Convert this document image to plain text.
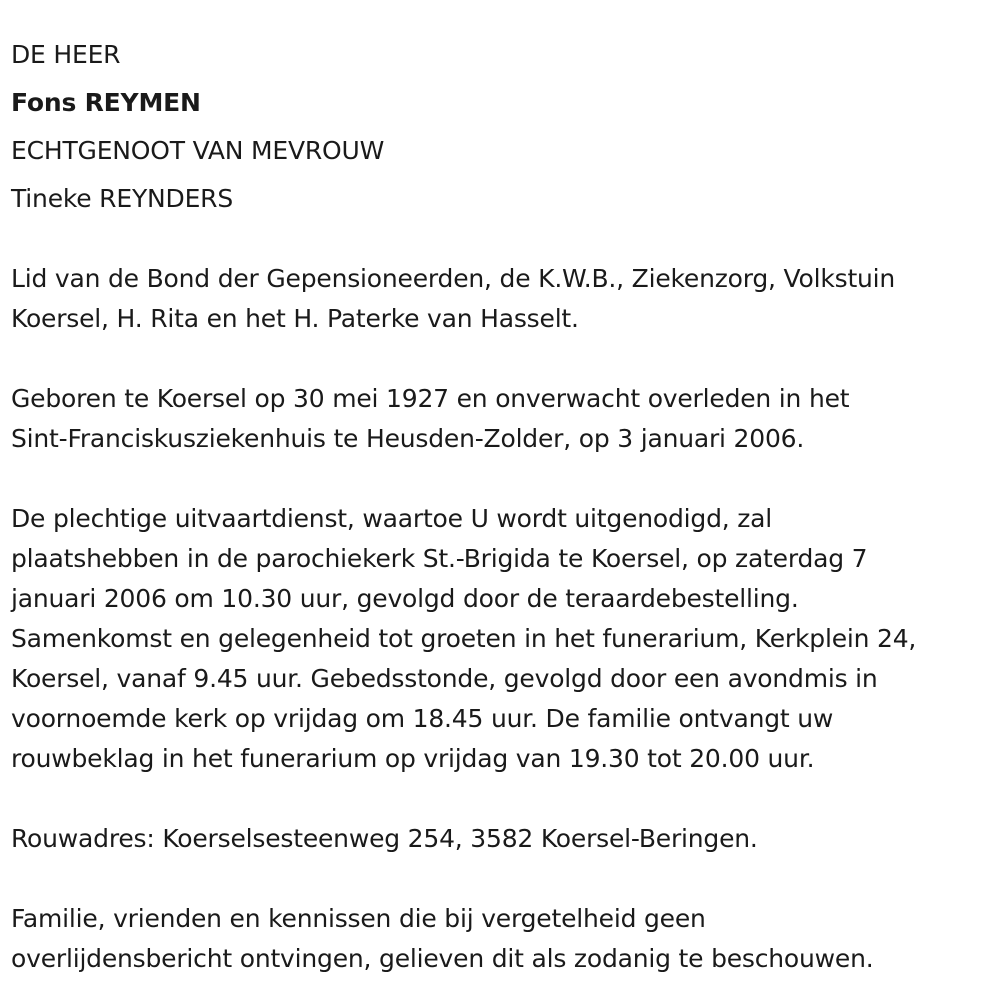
DE HEER

Fons REYMEN

ECHTGENOOT VAN MEVROUW

Tineke REYNDERS

Lid van de Bond der Gepensioneerden, de K.W.B., Ziekenzorg, Volkstuin
Koersel, H. Rita en het H. Paterke van Hasselt.
Geboren te Koersel op 30 mei 1927 en onverwacht overleden in het
Sint-Franciskusziekenhuis te Heusden-Zolder, op 3 januari 2006.
De plechtige uitvaartdienst, waartoe U wordt uitgenodigd, zal
plaatshebben in de parochiekerk St.-Brigida te Koersel, op zaterdag 7
januari 2006 om 10.30 uur, gevolgd door de teraardebestelling.
Samenkomst en gelegenheid tot groeten in het funerarium, Kerkplein 24,
Koersel, vanaf 9.45 uur. Gebedsstonde, gevolgd door een avondmis in
voornoemde kerk op vrijdag om 18.45 uur. De familie ontvangt uw
rouwbeklag in het funerarium op vrijdag van 19.30 tot 20.00 uur.
Rouwadres: Koerselsesteenweg 254, 3582 Koersel-Beringen.
Familie, vrienden en kennissen die bij vergetelheid geen
overlijdensbericht ontvingen, gelieven dit als zodanig te beschouwen.
